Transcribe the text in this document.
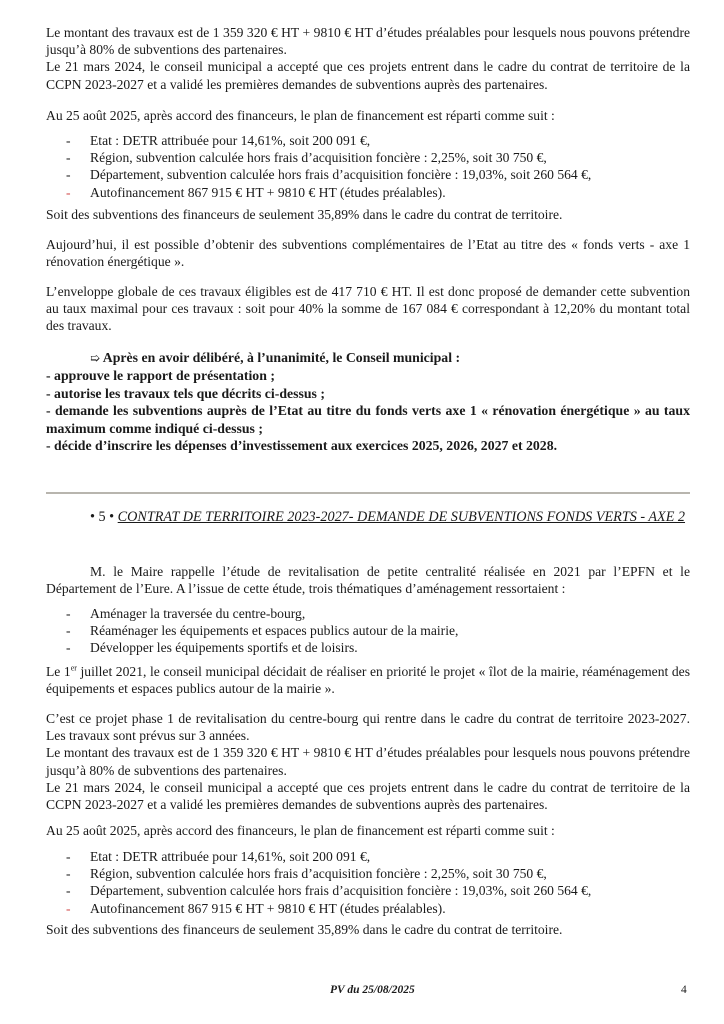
Le montant des travaux est de 1 359 320 € HT + 9810 € HT d’études préalables pour lesquels nous pouvons prétendre jusqu’à 80% de subventions des partenaires.

Le 21 mars 2024, le conseil municipal a accepté que ces projets entrent dans le cadre du contrat de territoire de la CCPN 2023-2027 et a validé les premières demandes de subventions auprès des partenaires.

Au 25 août 2025, après accord des financeurs, le plan de financement est réparti comme suit :

- Etat : DETR attribuée pour 14,61%, soit 200 091 €,
- Région, subvention calculée hors frais d’acquisition foncière : 2,25%, soit 30 750 €,
- Département, subvention calculée hors frais d’acquisition foncière : 19,03%, soit 260 564 €,
- Autofinancement 867 915 € HT + 9810 € HT (études préalables).

Soit des subventions des financeurs de seulement 35,89% dans le cadre du contrat de territoire.

Aujourd’hui, il est possible d’obtenir des subventions complémentaires de l’Etat au titre des « fonds verts - axe 1 rénovation énergétique ».

L’enveloppe globale de ces travaux éligibles est de 417 710 € HT. Il est donc proposé de demander cette subvention au taux maximal pour ces travaux : soit pour 40% la somme de 167 084 € correspondant à 12,20% du montant total des travaux.

➯ Après en avoir délibéré, à l’unanimité, le Conseil municipal :

- approuve le rapport de présentation ;

- autorise les travaux tels que décrits ci-dessus ;

- demande les subventions auprès de l’Etat au titre du fonds verts axe 1 « rénovation énergétique » au taux maximum comme indiqué ci-dessus ;

- décide d’inscrire les dépenses d’investissement aux exercices 2025, 2026, 2027 et 2028.

• 5 • CONTRAT DE TERRITOIRE 2023-2027- DEMANDE DE SUBVENTIONS FONDS VERTS - AXE 2

M. le Maire rappelle l’étude de revitalisation de petite centralité réalisée en 2021 par l’EPFN et le Département de l’Eure. A l’issue de cette étude, trois thématiques d’aménagement ressortaient :

- Aménager la traversée du centre-bourg,
- Réaménager les équipements et espaces publics autour de la mairie,
- Développer les équipements sportifs et de loisirs.

Le 1er juillet 2021, le conseil municipal décidait de réaliser en priorité le projet « îlot de la mairie, réaménagement des équipements et espaces publics autour de la mairie ».

C’est ce projet phase 1 de revitalisation du centre-bourg qui rentre dans le cadre du contrat de territoire 2023-2027. Les travaux sont prévus sur 3 années.

Le montant des travaux est de 1 359 320 € HT + 9810 € HT d’études préalables pour lesquels nous pouvons prétendre jusqu’à 80% de subventions des partenaires.

Le 21 mars 2024, le conseil municipal a accepté que ces projets entrent dans le cadre du contrat de territoire de la CCPN 2023-2027 et a validé les premières demandes de subventions auprès des partenaires.

Au 25 août 2025, après accord des financeurs, le plan de financement est réparti comme suit :

- Etat : DETR attribuée pour 14,61%, soit 200 091 €,
- Région, subvention calculée hors frais d’acquisition foncière : 2,25%, soit 30 750 €,
- Département, subvention calculée hors frais d’acquisition foncière : 19,03%, soit 260 564 €,
- Autofinancement 867 915 € HT + 9810 € HT (études préalables).

Soit des subventions des financeurs de seulement 35,89% dans le cadre du contrat de territoire.

PV du 25/08/2025	4
